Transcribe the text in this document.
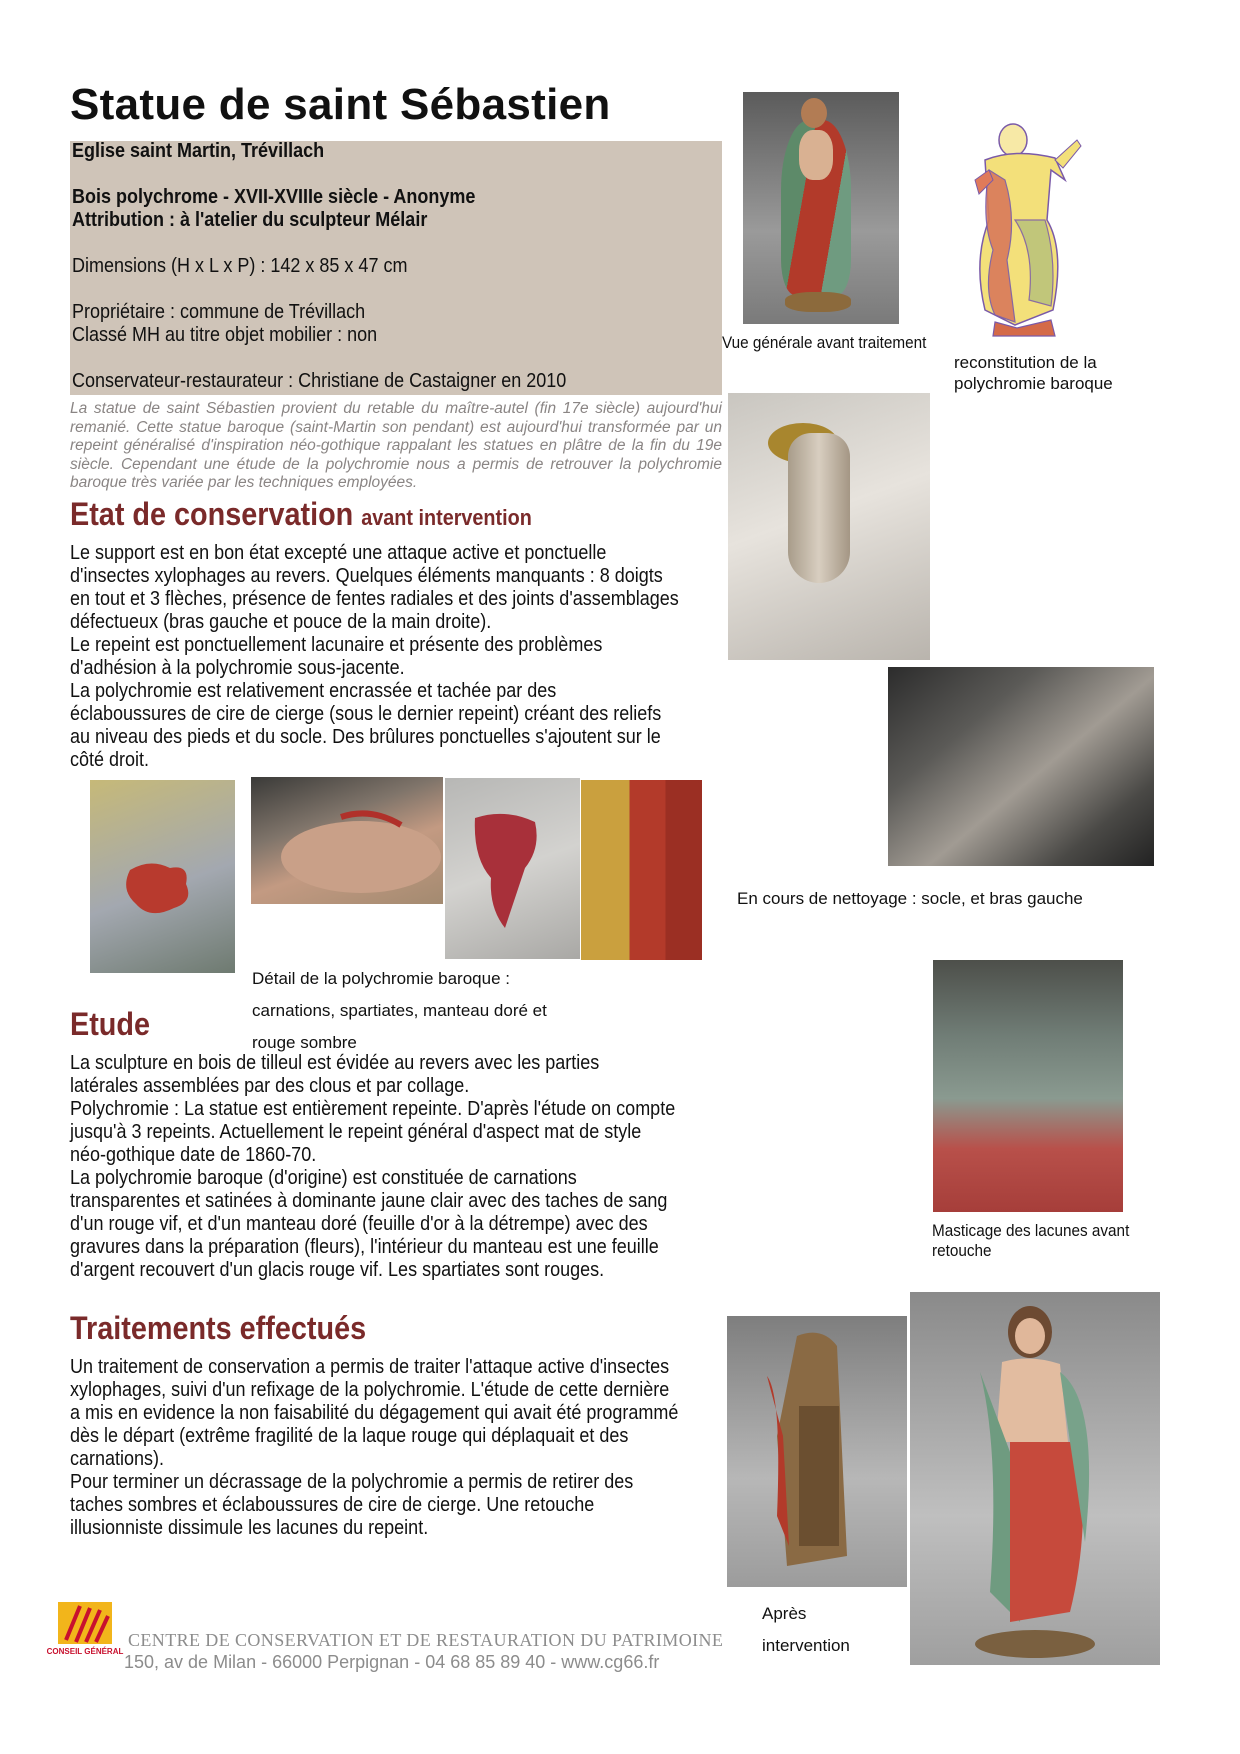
Statue de saint Sébastien
Eglise saint Martin, Trévillach
Bois polychrome - XVII-XVIIIe siècle - Anonyme
Attribution : à l'atelier du sculpteur Mélair
Dimensions (H x L x P) : 142 x 85 x 47 cm
Propriétaire : commune de Trévillach
Classé MH au titre objet mobilier : non
Conservateur-restaurateur : Christiane de Castaigner en 2010
La statue de saint Sébastien provient du retable du maître-autel (fin 17e siècle) aujourd'hui remanié. Cette statue baroque (saint-Martin son pendant) est aujourd'hui transformée par un repeint généralisé d'inspiration néo-gothique rappalant les statues en plâtre de la fin du 19e siècle. Cependant une étude de la polychromie nous a permis de retrouver la polychromie baroque très variée par les techniques employées.
Etat de conservation avant intervention
Le support est en bon état excepté une attaque active et ponctuelle
d'insectes xylophages au revers. Quelques éléments manquants : 8 doigts
en tout et 3 flèches, présence de fentes radiales et des joints d'assemblages
défectueux (bras gauche et pouce de la main droite).
Le repeint est ponctuellement lacunaire et présente des problèmes
d'adhésion à la polychromie sous-jacente.
La polychromie est relativement encrassée et tachée par des
éclaboussures de cire de cierge (sous le dernier repeint) créant des reliefs
au niveau des pieds et du socle. Des brûlures ponctuelles s'ajoutent sur le
côté droit.
Etude
La sculpture en bois de tilleul est évidée au revers avec les parties
latérales assemblées par des clous et par collage.
Polychromie : La statue est entièrement repeinte. D'après l'étude on compte
jusqu'à 3 repeints. Actuellement le repeint général d'aspect mat de style
néo-gothique date de 1860-70.
La polychromie baroque (d'origine) est constituée de carnations
transparentes et satinées à dominante jaune clair avec des taches de sang
d'un rouge vif, et d'un manteau doré (feuille d'or à la détrempe) avec des
gravures dans la préparation (fleurs), l'intérieur du manteau est une feuille
d'argent recouvert d'un glacis rouge vif. Les spartiates sont rouges.
Traitements effectués
Un traitement de conservation a permis de traiter l'attaque active d'insectes
xylophages, suivi d'un refixage de la polychromie. L'étude de cette dernière
a mis en evidence la non faisabilité du dégagement qui avait été programmé
dès le départ (extrême fragilité de la laque rouge qui déplaquait et des
carnations).
Pour terminer un décrassage de la polychromie a permis de retirer des
taches sombres et éclaboussures de cire de cierge. Une retouche
illusionniste dissimule les lacunes du repeint.
Vue générale avant traitement
reconstitution de la
polychromie baroque
En cours de nettoyage : socle, et bras gauche
Détail de la polychromie baroque :
carnations, spartiates, manteau doré et
rouge sombre
Masticage des lacunes avant
retouche
Après
intervention
CONSEIL GÉNÉRAL
CENTRE DE CONSERVATION ET DE RESTAURATION DU PATRIMOINE
150, av de Milan - 66000 Perpignan - 04 68 85 89 40 - www.cg66.fr
